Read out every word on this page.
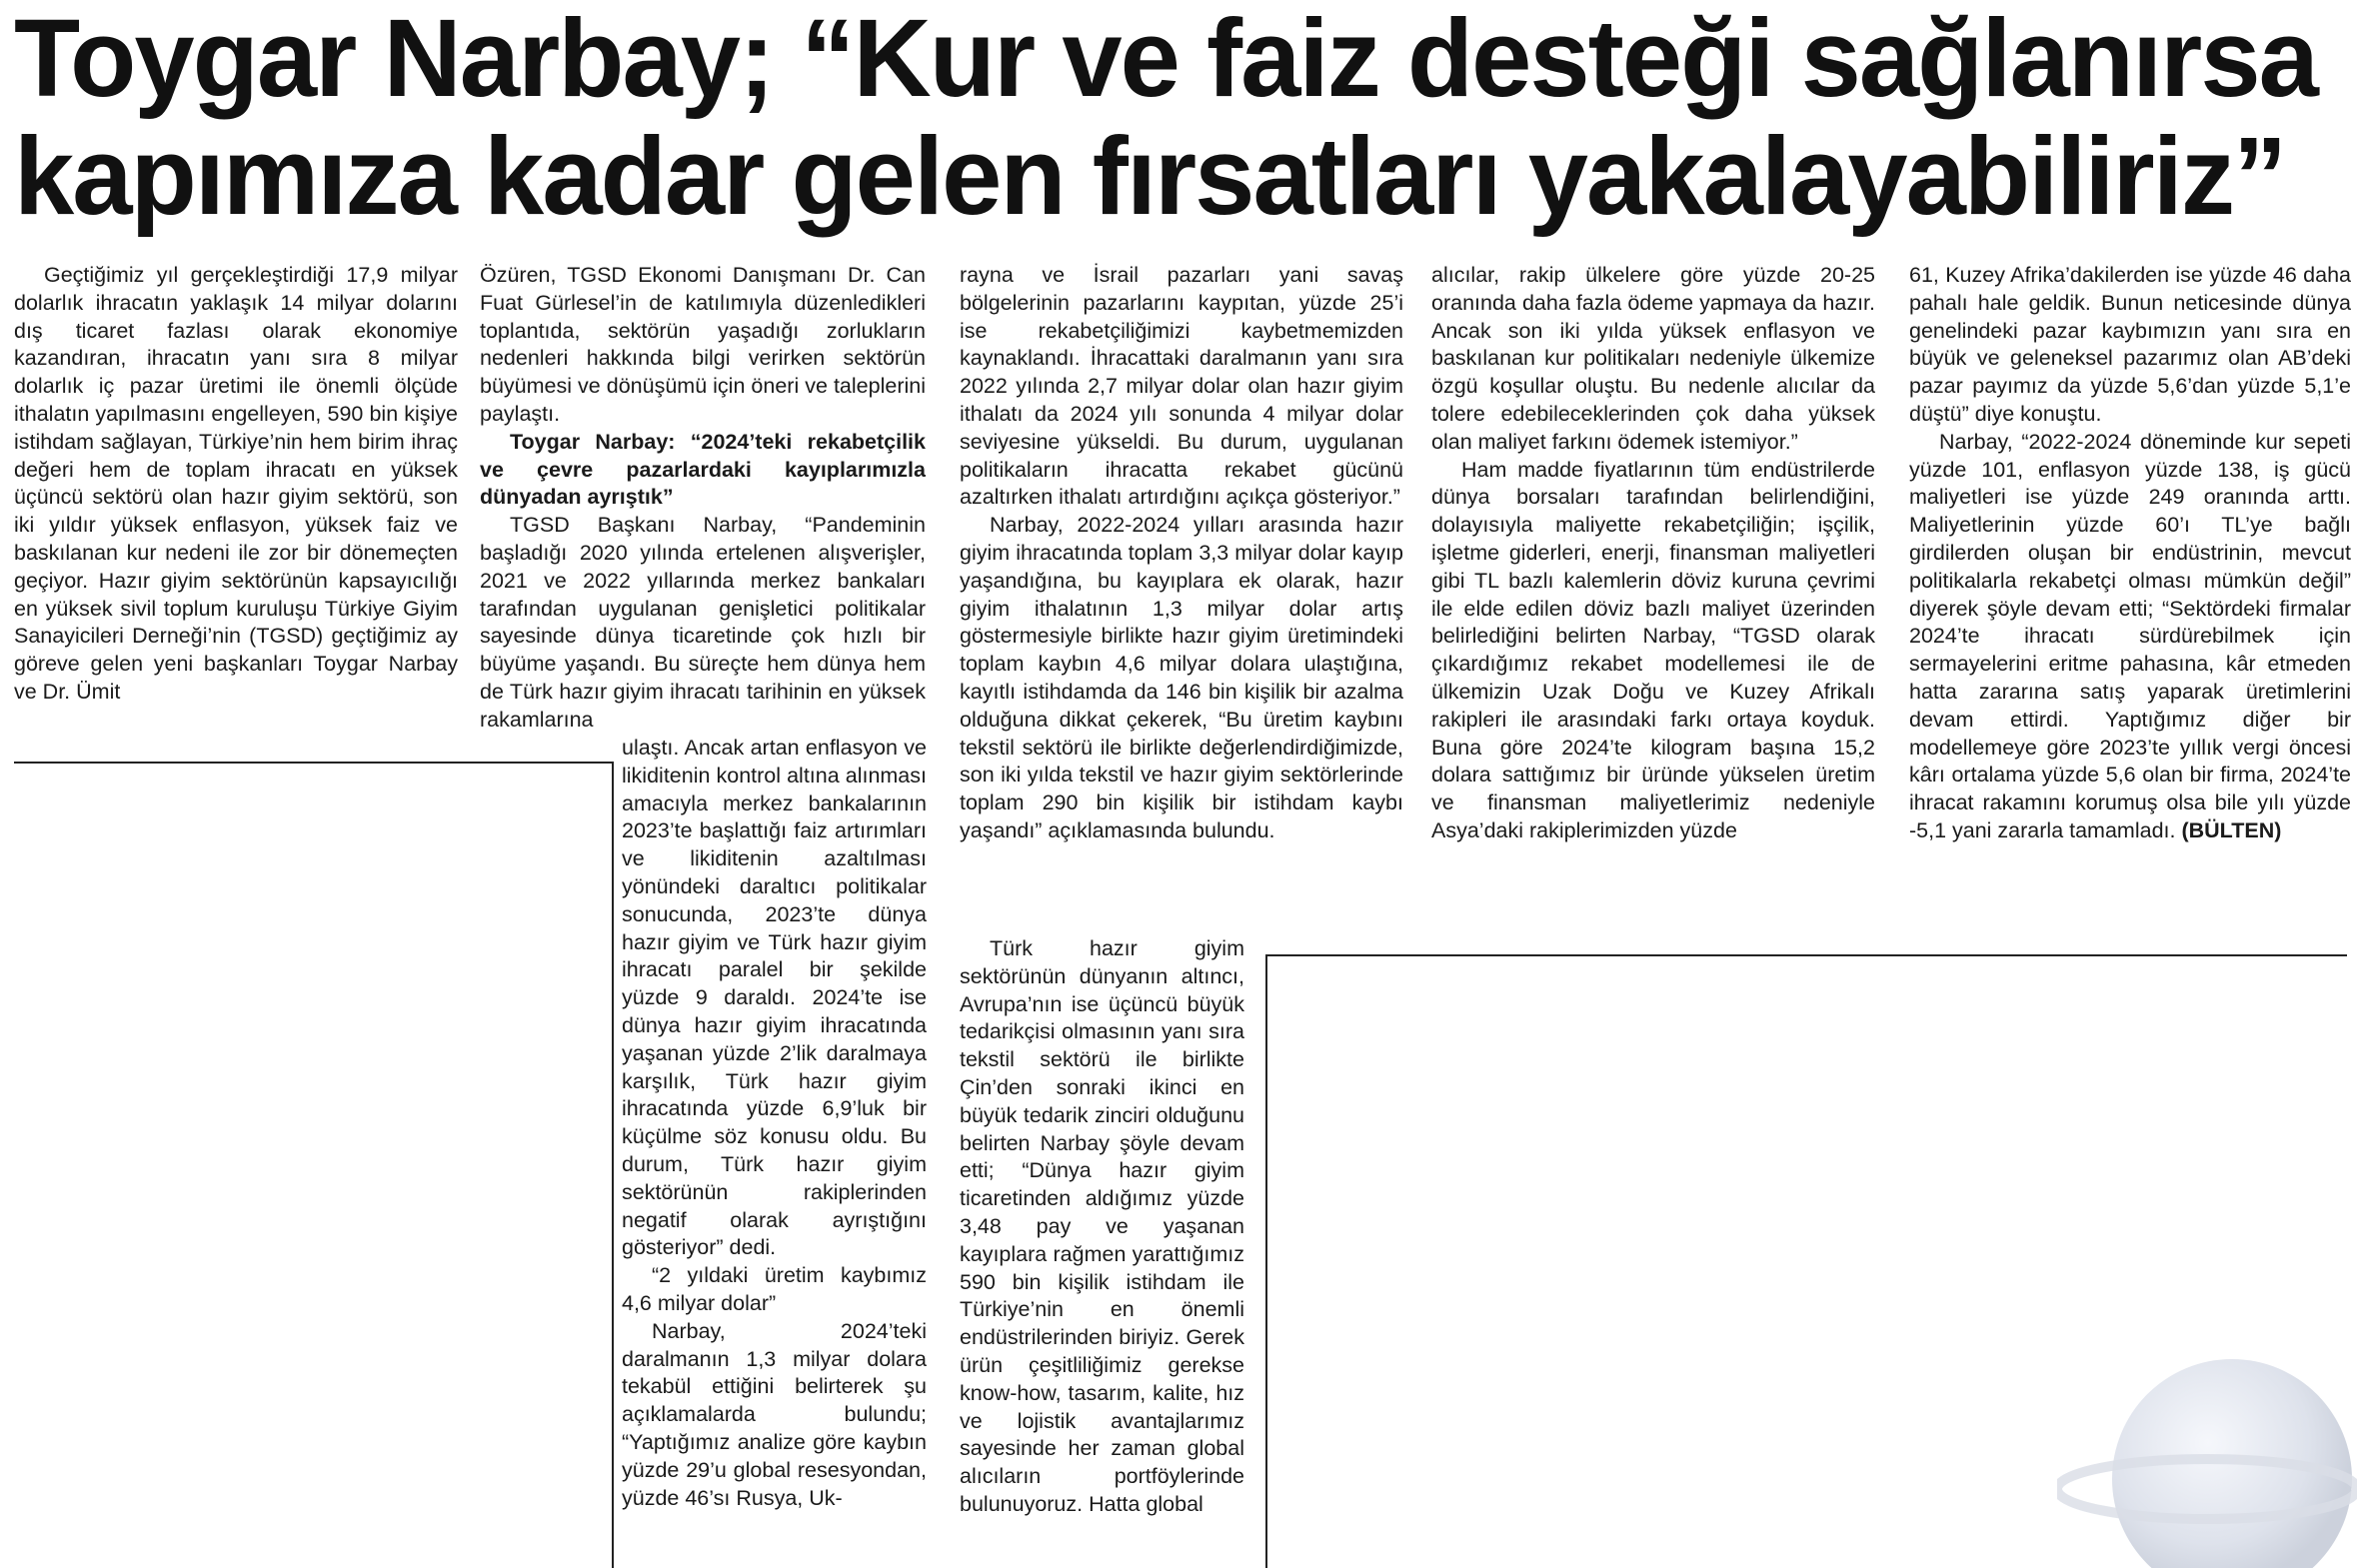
Toygar Narbay; “Kur ve faiz desteği sağlanırsa
kapımıza kadar gelen fırsatları yakalayabiliriz”

Geçtiğimiz yıl gerçekleştirdiği 17,9 milyar dolarlık ihracatın yaklaşık 14 milyar dolarını dış ticaret fazlası olarak ekonomiye kazandıran, ihracatın yanı sıra 8 milyar dolarlık iç pazar üretimi ile önemli ölçüde ithalatın yapılmasını engelleyen, 590 bin kişiye istihdam sağlayan, Türkiye’nin hem birim ihraç değeri hem de toplam ihracatı en yüksek üçüncü sektörü olan hazır giyim sektörü, son iki yıldır yüksek enflasyon, yüksek faiz ve baskılanan kur nedeni ile zor bir dönemeçten geçiyor. Hazır giyim sektörünün kapsayıcılığı en yüksek sivil toplum kuruluşu Türkiye Giyim Sanayicileri Derneği’nin (TGSD) geçtiğimiz ay göreve gelen yeni başkanları Toygar Narbay ve Dr. Ümit

Özüren, TGSD Ekonomi Danışmanı Dr. Can Fuat Gürlesel’in de katılımıyla düzenledikleri toplantıda, sektörün yaşadığı zorlukların nedenleri hakkında bilgi verirken sektörün büyümesi ve dönüşümü için öneri ve taleplerini paylaştı.

Toygar Narbay: “2024’teki rekabetçilik ve çevre pazarlardaki kayıplarımızla dünyadan ayrıştık”

TGSD Başkanı Narbay, “Pandeminin başladığı 2020 yılında ertelenen alışverişler, 2021 ve 2022 yıllarında merkez bankaları tarafından uygulanan genişletici politikalar sayesinde dünya ticaretinde çok hızlı bir büyüme yaşandı. Bu süreçte hem dünya hem de Türk hazır giyim ihracatı tarihinin en yüksek rakamlarına

ulaştı. Ancak artan enflasyon ve likiditenin kontrol altına alınması amacıyla merkez bankalarının 2023’te başlattığı faiz artırımları ve likiditenin azaltılması yönündeki daraltıcı politikalar sonucunda, 2023’te dünya hazır giyim ve Türk hazır giyim ihracatı paralel bir şekilde yüzde 9 daraldı. 2024’te ise dünya hazır giyim ihracatında yaşanan yüzde 2’lik daralmaya karşılık, Türk hazır giyim ihracatında yüzde 6,9’luk bir küçülme söz konusu oldu. Bu durum, Türk hazır giyim sektörünün rakiplerinden negatif olarak ayrıştığını gösteriyor” dedi.

“2 yıldaki üretim kaybımız 4,6 milyar dolar”

Narbay, 2024’teki daralmanın 1,3 milyar dolara tekabül ettiğini belirterek şu açıklamalarda bulundu; “Yaptığımız analize göre kaybın yüzde 29’u global resesyondan, yüzde 46’sı Rusya, Uk-

rayna ve İsrail pazarları yani savaş bölgelerinin pazarlarını kaypıtan, yüzde 25’i ise rekabetçiliğimizi kaybetmemizden kaynaklandı. İhracattaki daralmanın yanı sıra 2022 yılında 2,7 milyar dolar olan hazır giyim ithalatı da 2024 yılı sonunda 4 milyar dolar seviyesine yükseldi. Bu durum, uygulanan politikaların ihracatta rekabet gücünü azaltırken ithalatı artırdığını açıkça gösteriyor.”

Narbay, 2022-2024 yılları arasında hazır giyim ihracatında toplam 3,3 milyar dolar kayıp yaşandığına, bu kayıplara ek olarak, hazır giyim ithalatının 1,3 milyar dolar artış göstermesiyle birlikte hazır giyim üretimindeki toplam kaybın 4,6 milyar dolara ulaştığına, kayıtlı istihdamda da 146 bin kişilik bir azalma olduğuna dikkat çekerek, “Bu üretim kaybını tekstil sektörü ile birlikte değerlendirdiğimizde, son iki yılda tekstil ve hazır giyim sektörlerinde toplam 290 bin kişilik bir istihdam kaybı yaşandı” açıklamasında bulundu.

Türk hazır giyim sektörünün dünyanın altıncı, Avrupa’nın ise üçüncü büyük tedarikçisi olmasının yanı sıra tekstil sektörü ile birlikte Çin’den sonraki ikinci en büyük tedarik zinciri olduğunu belirten Narbay şöyle devam etti; “Dünya hazır giyim ticaretinden aldığımız yüzde 3,48 pay ve yaşanan kayıplara rağmen yarattığımız 590 bin kişilik istihdam ile Türkiye’nin en önemli endüstrilerinden biriyiz. Gerek ürün çeşitliliğimiz gerekse know-how, tasarım, kalite, hız ve lojistik avantajlarımız sayesinde her zaman global alıcıların portföylerinde bulunuyoruz. Hatta global

alıcılar, rakip ülkelere göre yüzde 20-25 oranında daha fazla ödeme yapmaya da hazır. Ancak son iki yılda yüksek enflasyon ve baskılanan kur politikaları nedeniyle ülkemize özgü koşullar oluştu. Bu nedenle alıcılar da tolere edebileceklerinden çok daha yüksek olan maliyet farkını ödemek istemiyor.”

Ham madde fiyatlarının tüm endüstrilerde dünya borsaları tarafından belirlendiğini, dolayısıyla maliyette rekabetçiliğin; işçilik, işletme giderleri, enerji, finansman maliyetleri gibi TL bazlı kalemlerin döviz kuruna çevrimi ile elde edilen döviz bazlı maliyet üzerinden belirlediğini belirten Narbay, “TGSD olarak çıkardığımız rekabet modellemesi ile de ülkemizin Uzak Doğu ve Kuzey Afrikalı rakipleri ile arasındaki farkı ortaya koyduk. Buna göre 2024’te kilogram başına 15,2 dolara sattığımız bir üründe yükselen üretim ve finansman maliyetlerimiz nedeniyle Asya’daki rakiplerimizden yüzde

61, Kuzey Afrika’dakilerden ise yüzde 46 daha pahalı hale geldik. Bunun neticesinde dünya genelindeki pazar kaybımızın yanı sıra en büyük ve geleneksel pazarımız olan AB’deki pazar payımız da yüzde 5,6’dan yüzde 5,1’e düştü” diye konuştu.

Narbay, “2022-2024 döneminde kur sepeti yüzde 101, enflasyon yüzde 138, iş gücü maliyetleri ise yüzde 249 oranında arttı. Maliyetlerinin yüzde 60’ı TL’ye bağlı girdilerden oluşan bir endüstrinin, mevcut politikalarla rekabetçi olması mümkün değil” diyerek şöyle devam etti; “Sektördeki firmalar 2024’te ihracatı sürdürebilmek için sermayelerini eritme pahasına, kâr etmeden hatta zararına satış yaparak üretimlerini devam ettirdi. Yaptığımız diğer bir modellemeye göre 2023’te yıllık vergi öncesi kârı ortalama yüzde 5,6 olan bir firma, 2024’te ihracat rakamını korumuş olsa bile yılı yüzde -5,1 yani zararla tamamladı. (BÜLTEN)
